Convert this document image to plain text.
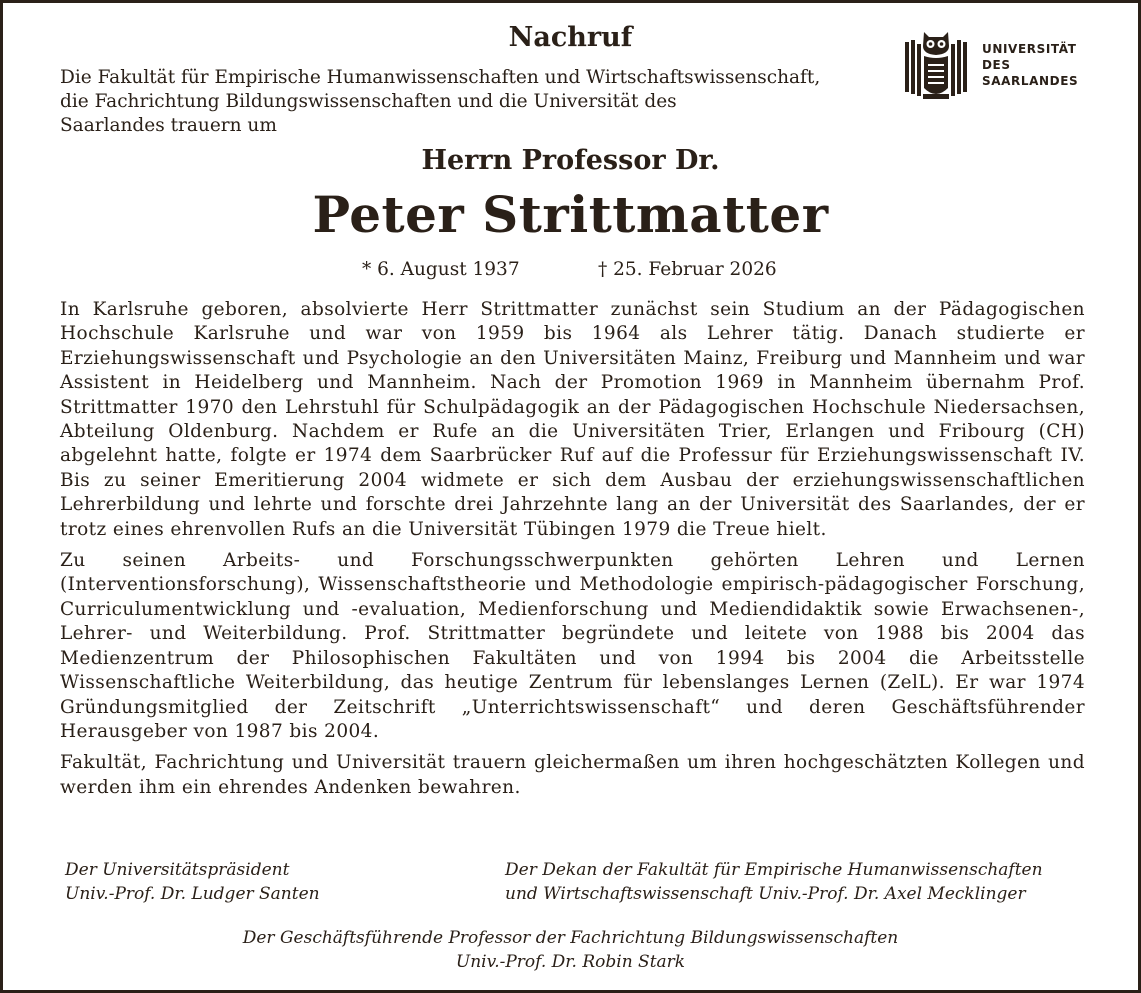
Nachruf
Die Fakultät für Empirische Humanwissenschaften und Wirtschaftswissenschaft,
die Fachrichtung Bildungswissenschaften und die Universität des
Saarlandes trauern um
UNIVERSITÄT
DES
SAARLANDES
Herrn Professor Dr.
Peter Strittmatter
* 6. August 1937	† 25. Februar 2026

In Karlsruhe geboren, absolvierte Herr Strittmatter zunächst sein Studium an der Pädagogischen Hochschule Karlsruhe und war von 1959 bis 1964 als Lehrer tätig. Danach studierte er Erziehungswissenschaft und Psychologie an den Universitäten Mainz, Freiburg und Mannheim und war Assistent in Heidelberg und Mannheim. Nach der Promotion 1969 in Mannheim übernahm Prof. Strittmatter 1970 den Lehrstuhl für Schulpädagogik an der Pädagogischen Hochschule Niedersachsen, Abteilung Oldenburg. Nachdem er Rufe an die Universitäten Trier, Erlangen und Fribourg (CH) abgelehnt hatte, folgte er 1974 dem Saarbrücker Ruf auf die Professur für Erziehungswissenschaft IV. Bis zu seiner Emeritierung 2004 widmete er sich dem Ausbau der erziehungswissenschaftlichen Lehrerbildung und lehrte und forschte drei Jahrzehnte lang an der Universität des Saarlandes, der er trotz eines ehrenvollen Rufs an die Universität Tübingen 1979 die Treue hielt.

Zu seinen Arbeits- und Forschungsschwerpunkten gehörten Lehren und Lernen (Interventionsforschung), Wissenschaftstheorie und Methodologie empirisch-pädagogischer Forschung, Curriculumentwicklung und -evaluation, Medienforschung und Mediendidaktik sowie Erwachsenen-, Lehrer- und Weiterbildung. Prof. Strittmatter begründete und leitete von 1988 bis 2004 das Medienzentrum der Philosophischen Fakultäten und von 1994 bis 2004 die Arbeitsstelle Wissenschaftliche Weiterbildung, das heutige Zentrum für lebenslanges Lernen (ZelL). Er war 1974 Gründungsmitglied der Zeitschrift „Unterrichtswissenschaft“ und deren Geschäftsführender Herausgeber von 1987 bis 2004.

Fakultät, Fachrichtung und Universität trauern gleichermaßen um ihren hochgeschätzten Kollegen und werden ihm ein ehrendes Andenken bewahren.

Der Universitätspräsident
Univ.-Prof. Dr. Ludger Santen
Der Dekan der Fakultät für Empirische Humanwissenschaften
und Wirtschaftswissenschaft Univ.-Prof. Dr. Axel Mecklinger
Der Geschäftsführende Professor der Fachrichtung Bildungswissenschaften
Univ.-Prof. Dr. Robin Stark
